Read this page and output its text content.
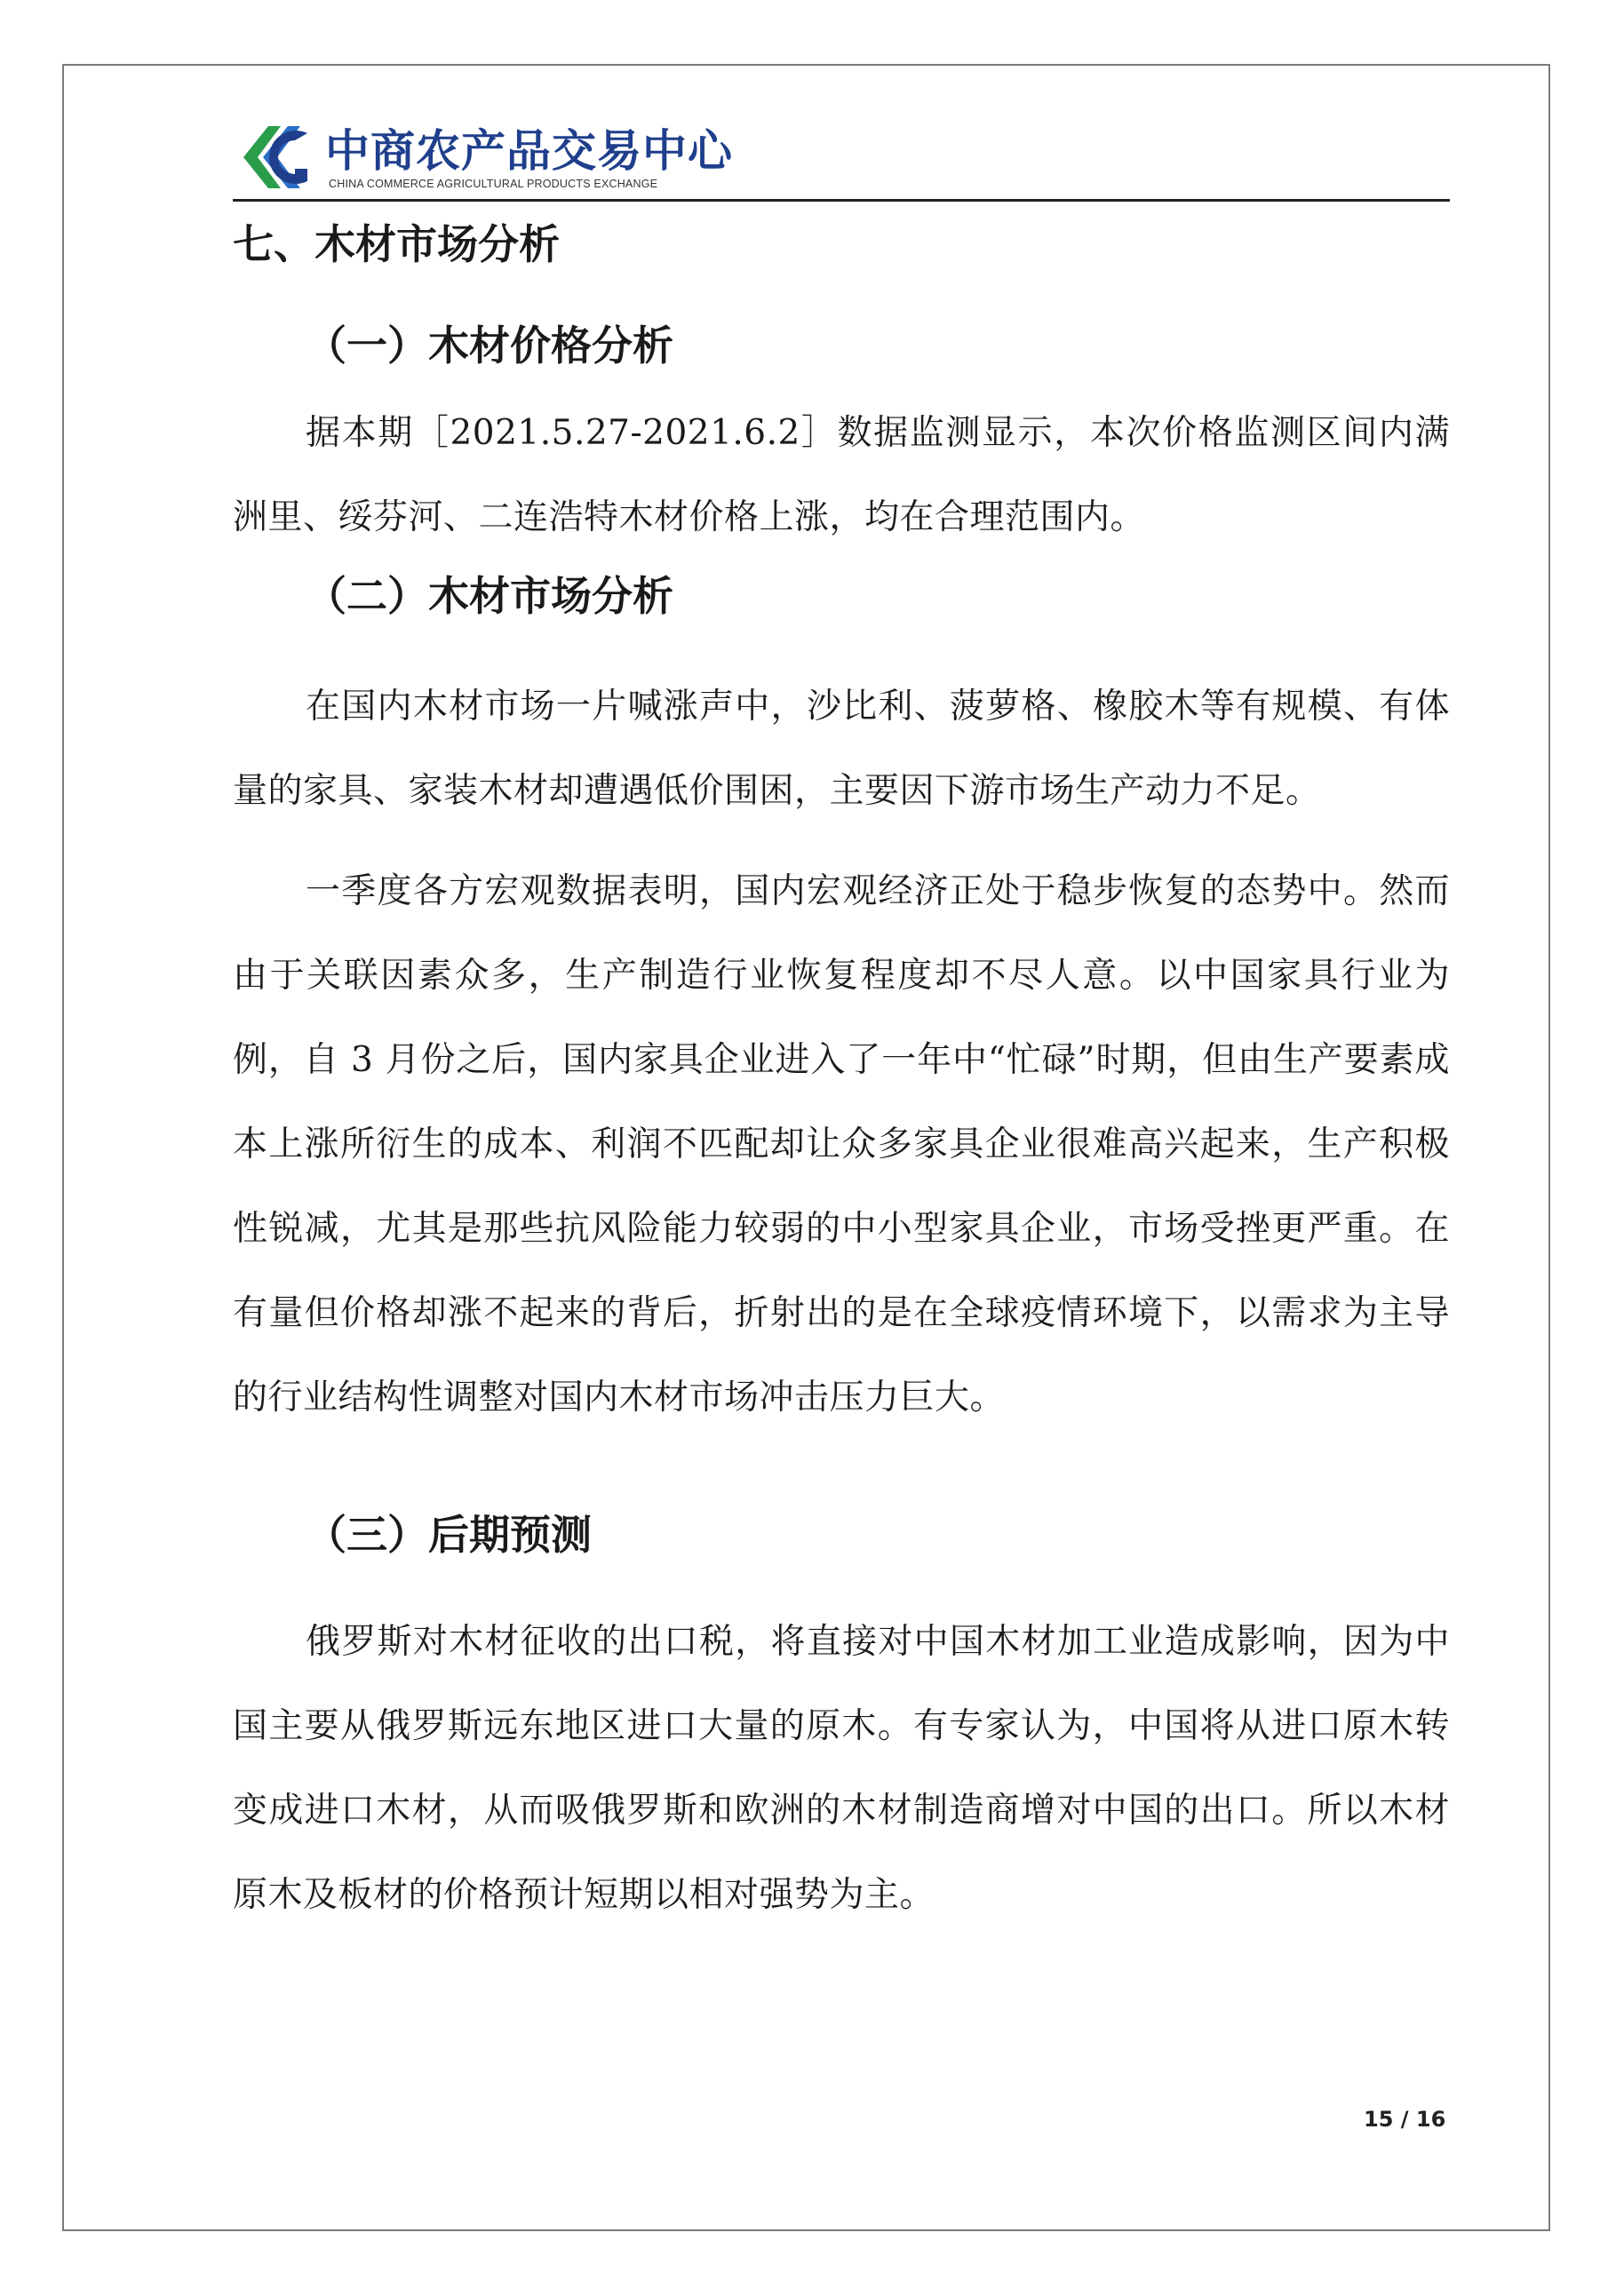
中商农产品交易中心
CHINA COMMERCE AGRICULTURAL PRODUCTS EXCHANGE
七、木材市场分析
（一）木材价格分析

据本期［2021.5.27-2021.6.2］数据监测显示，本次价格监测区间内满洲里、绥芬河、二连浩特木材价格上涨，均在合理范围内。

（二）木材市场分析

在国内木材市场一片喊涨声中，沙比利、菠萝格、橡胶木等有规模、有体量的家具、家装木材却遭遇低价围困，主要因下游市场生产动力不足。

一季度各方宏观数据表明，国内宏观经济正处于稳步恢复的态势中。然而由于关联因素众多，生产制造行业恢复程度却不尽人意。以中国家具行业为例，自 3 月份之后，国内家具企业进入了一年中“忙碌”时期，但由生产要素成本上涨所衍生的成本、利润不匹配却让众多家具企业很难高兴起来，生产积极性锐减，尤其是那些抗风险能力较弱的中小型家具企业，市场受挫更严重。在有量但价格却涨不起来的背后，折射出的是在全球疫情环境下，以需求为主导的行业结构性调整对国内木材市场冲击压力巨大。

（三）后期预测

俄罗斯对木材征收的出口税，将直接对中国木材加工业造成影响，因为中国主要从俄罗斯远东地区进口大量的原木。有专家认为，中国将从进口原木转变成进口木材，从而吸俄罗斯和欧洲的木材制造商增对中国的出口。所以木材原木及板材的价格预计短期以相对强势为主。

15 / 16
